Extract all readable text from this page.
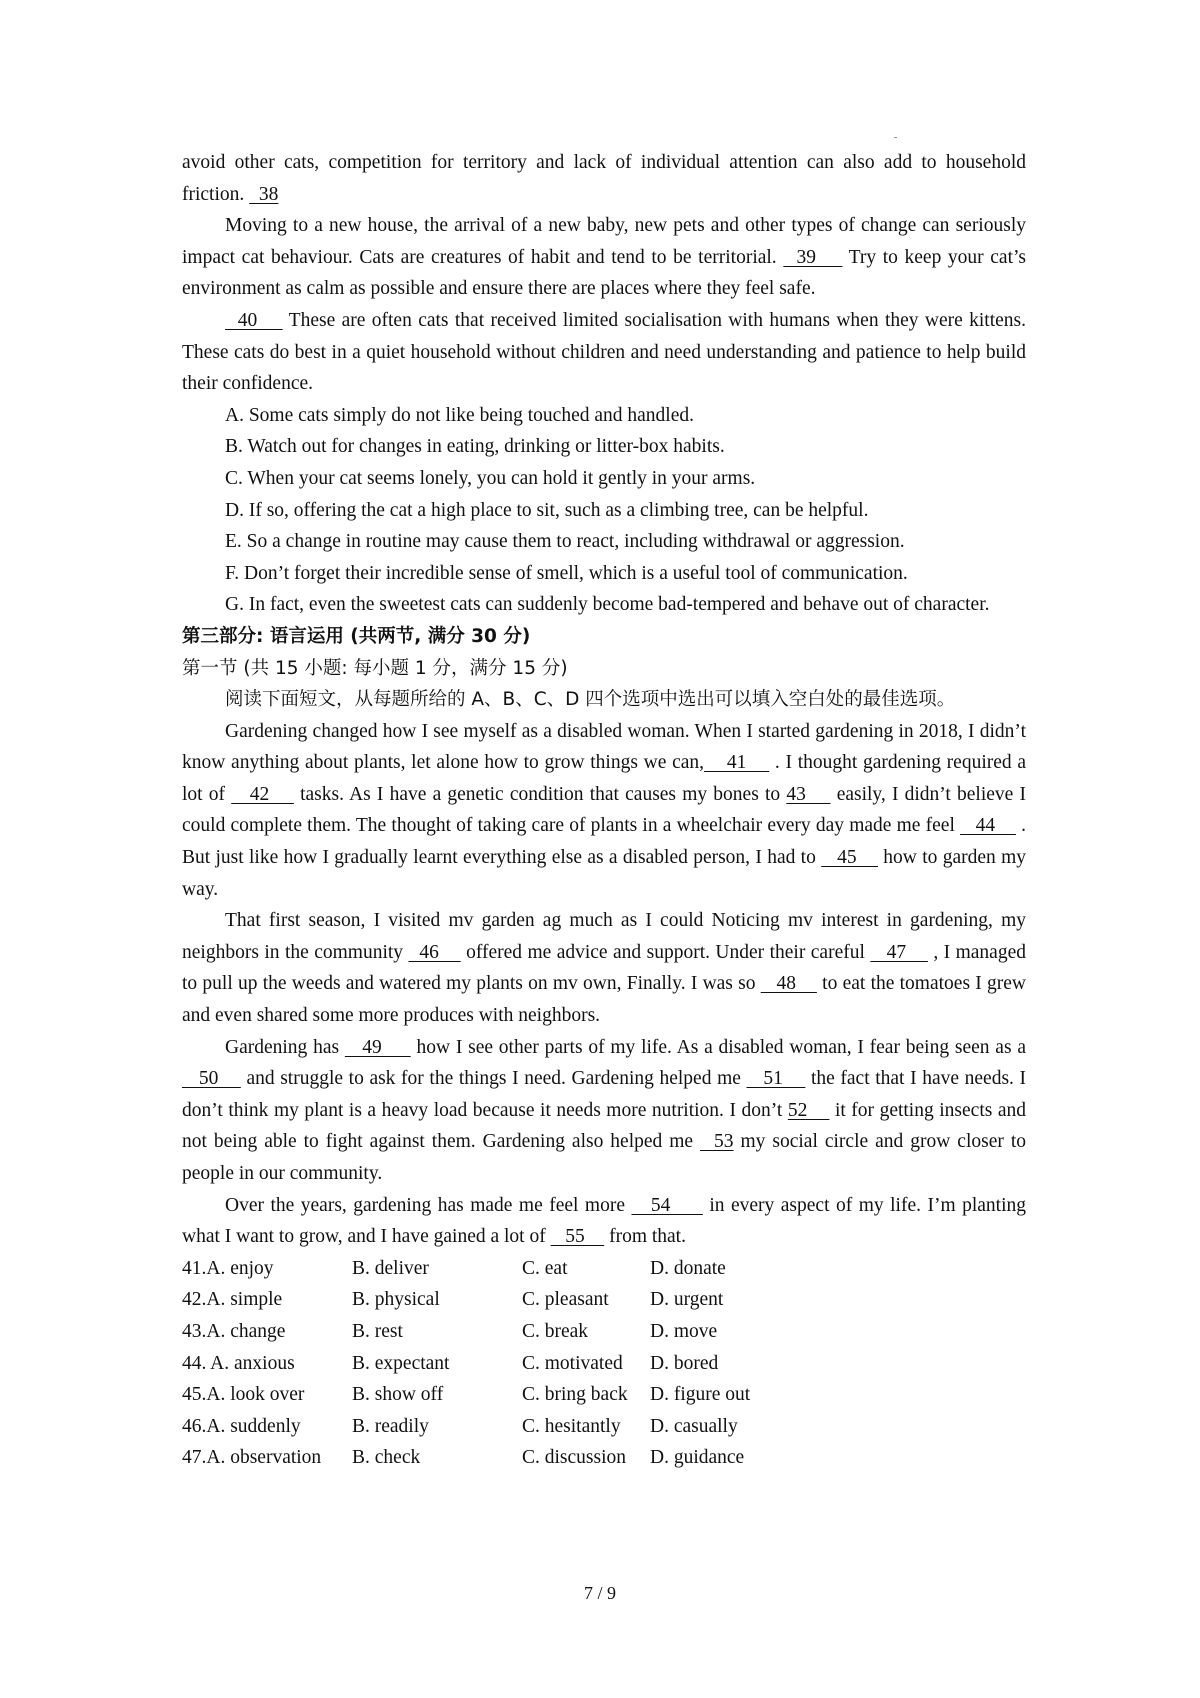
avoid other cats, competition for territory and lack of individual attention can also add to household friction.   38

Moving to a new house, the arrival of a new baby, new pets and other types of change can seriously impact cat behaviour. Cats are creatures of habit and tend to be territorial.   39     Try to keep your cat’s environment as calm as possible and ensure there are places where they feel safe.

40     These are often cats that received limited socialisation with humans when they were kittens. These cats do best in a quiet household without children and need understanding and patience to help build their confidence.

A. Some cats simply do not like being touched and handled.

B. Watch out for changes in eating, drinking or litter-box habits.

C. When your cat seems lonely, you can hold it gently in your arms.

D. If so, offering the cat a high place to sit, such as a climbing tree, can be helpful.

E. So a change in routine may cause them to react, including withdrawal or aggression.

F. Don’t forget their incredible sense of smell, which is a useful tool of communication.

G. In fact, even the sweetest cats can suddenly become bad-tempered and behave out of character.

第三部分: 语言运用 (共两节, 满分 30 分)

第一节 (共 15 小题: 每小题 1 分，满分 15 分)

阅读下面短文，从每题所给的 A、B、C、D 四个选项中选出可以填入空白处的最佳选项。

Gardening changed how I see myself as a disabled woman. When I started gardening in 2018, I didn’t know anything about plants, let alone how to grow things we can,    41     . I thought gardening required a lot of    42     tasks. As I have a genetic condition that causes my bones to 43     easily, I didn’t believe I could complete them. The thought of taking care of plants in a wheelchair every day made me feel    44     . But just like how I gradually learnt everything else as a disabled person, I had to    45     how to garden my way.

That first season, I visited mv garden ag much as I could Noticing mv interest in gardening, my neighbors in the community   46     offered me advice and support. Under their careful    47     , I managed to pull up the weeds and watered my plants on mv own, Finally. I was so    48     to eat the tomatoes I grew and even shared some more produces with neighbors.

Gardening has    49      how I see other parts of my life. As a disabled woman, I fear being seen as a    50     and struggle to ask for the things I need. Gardening helped me    51     the fact that I have needs. I don’t think my plant is a heavy load because it needs more nutrition. I don’t 52     it for getting insects and not being able to fight against them. Gardening also helped me   53 my social circle and grow closer to people in our community.

Over the years, gardening has made me feel more    54      in every aspect of my life. I’m planting what I want to grow, and I have gained a lot of    55     from that.

41.A. enjoy	B. deliver	C. eat	D. donate
42.A. simple	B. physical	C. pleasant	D. urgent
43.A. change	B. rest	C. break	D. move
44. A. anxious	B. expectant	C. motivated	D. bored
45.A. look over	B. show off	C. bring back	D. figure out
46.A. suddenly	B. readily	C. hesitantly	D. casually
47.A. observation	B. check	C. discussion	D. guidance
7 / 9
